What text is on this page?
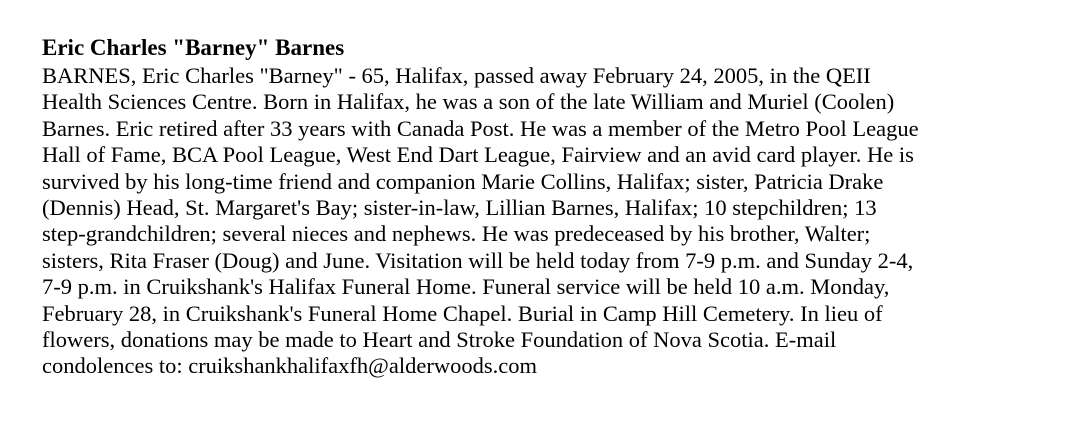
Eric Charles "Barney" Barnes
BARNES, Eric Charles "Barney" - 65, Halifax, passed away February 24, 2005, in the QEII
Health Sciences Centre. Born in Halifax, he was a son of the late William and Muriel (Coolen)
Barnes. Eric retired after 33 years with Canada Post. He was a member of the Metro Pool League
Hall of Fame, BCA Pool League, West End Dart League, Fairview and an avid card player. He is
survived by his long-time friend and companion Marie Collins, Halifax; sister, Patricia Drake
(Dennis) Head, St. Margaret's Bay; sister-in-law, Lillian Barnes, Halifax; 10 stepchildren; 13
step-grandchildren; several nieces and nephews. He was predeceased by his brother, Walter;
sisters, Rita Fraser (Doug) and June. Visitation will be held today from 7-9 p.m. and Sunday 2-4,
7-9 p.m. in Cruikshank's Halifax Funeral Home. Funeral service will be held 10 a.m. Monday,
February 28, in Cruikshank's Funeral Home Chapel. Burial in Camp Hill Cemetery. In lieu of
flowers, donations may be made to Heart and Stroke Foundation of Nova Scotia. E-mail
condolences to: cruikshankhalifaxfh@alderwoods.com
